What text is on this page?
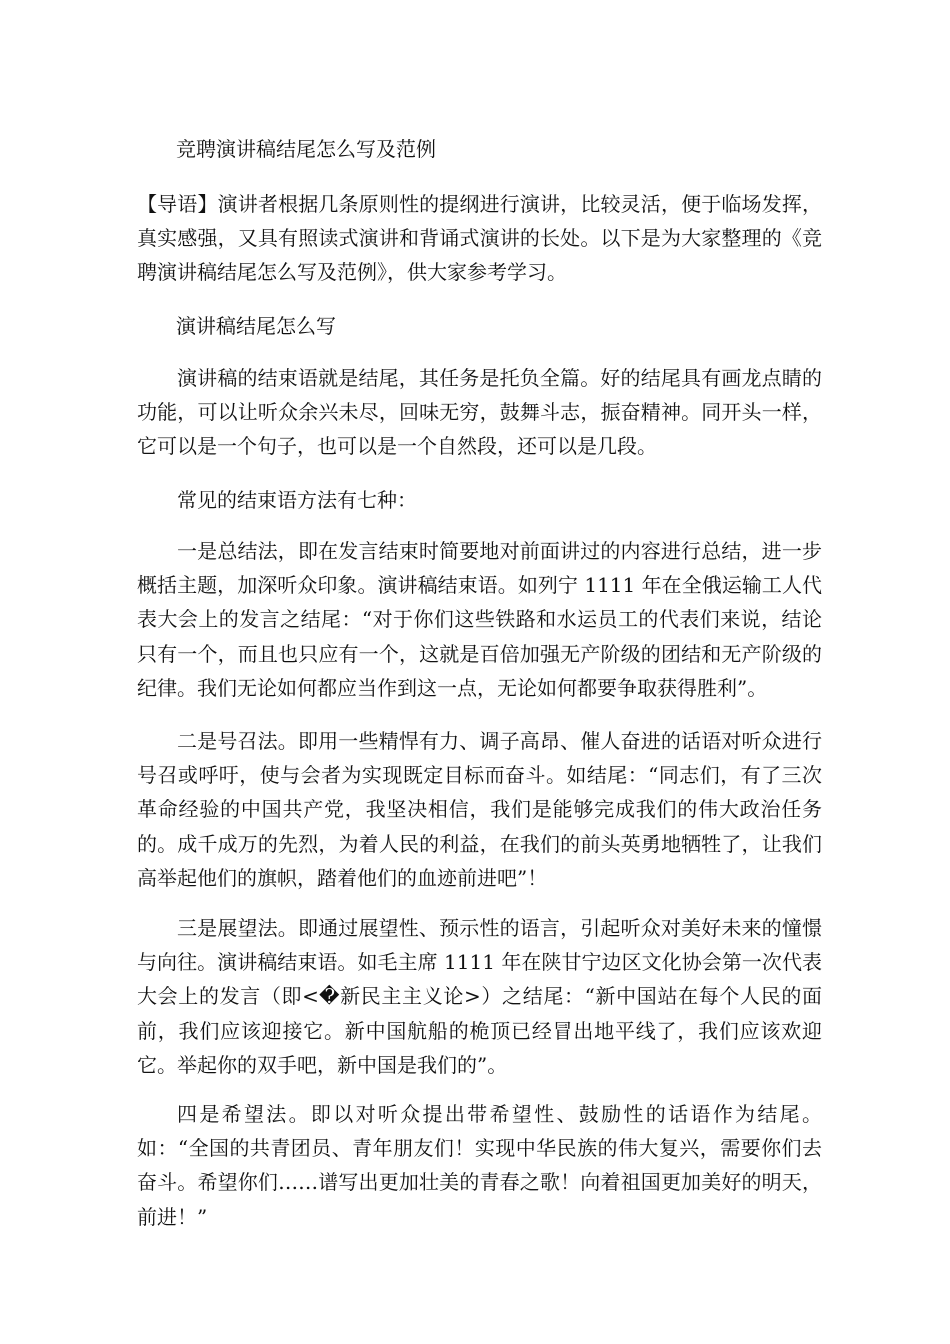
竞聘演讲稿结尾怎么写及范例

【导语】演讲者根据几条原则性的提纲进行演讲，比较灵活，便于临场发挥，真实感强，又具有照读式演讲和背诵式演讲的长处。以下是为大家整理的《竞聘演讲稿结尾怎么写及范例》，供大家参考学习。

演讲稿结尾怎么写

演讲稿的结束语就是结尾，其任务是托负全篇。好的结尾具有画龙点睛的功能，可以让听众余兴未尽，回味无穷，鼓舞斗志，振奋精神。同开头一样，它可以是一个句子，也可以是一个自然段，还可以是几段。

常见的结束语方法有七种：

一是总结法，即在发言结束时简要地对前面讲过的内容进行总结，进一步概括主题，加深听众印象。演讲稿结束语。如列宁 1111 年在全俄运输工人代表大会上的发言之结尾：“对于你们这些铁路和水运员工的代表们来说，结论只有一个，而且也只应有一个，这就是百倍加强无产阶级的团结和无产阶级的纪律。我们无论如何都应当作到这一点，无论如何都要争取获得胜利”。

二是号召法。即用一些精悍有力、调子高昂、催人奋进的话语对听众进行号召或呼吁，使与会者为实现既定目标而奋斗。如结尾：“同志们，有了三次革命经验的中国共产党，我坚决相信，我们是能够完成我们的伟大政治任务的。成千成万的先烈，为着人民的利益，在我们的前头英勇地牺牲了，让我们高举起他们的旗帜，踏着他们的血迹前进吧”！

三是展望法。即通过展望性、预示性的语言，引起听众对美好未来的憧憬与向往。演讲稿结束语。如毛主席 1111 年在陕甘宁边区文化协会第一次代表大会上的发言（即<�新民主主义论>）之结尾：“新中国站在每个人民的面前，我们应该迎接它。新中国航船的桅顶已经冒出地平线了，我们应该欢迎它。举起你的双手吧，新中国是我们的”。

四是希望法。即以对听众提出带希望性、鼓励性的话语作为结尾。如：“全国的共青团员、青年朋友们！实现中华民族的伟大复兴，需要你们去奋斗。希望你们……谱写出更加壮美的青春之歌！向着祖国更加美好的明天，前进！”
